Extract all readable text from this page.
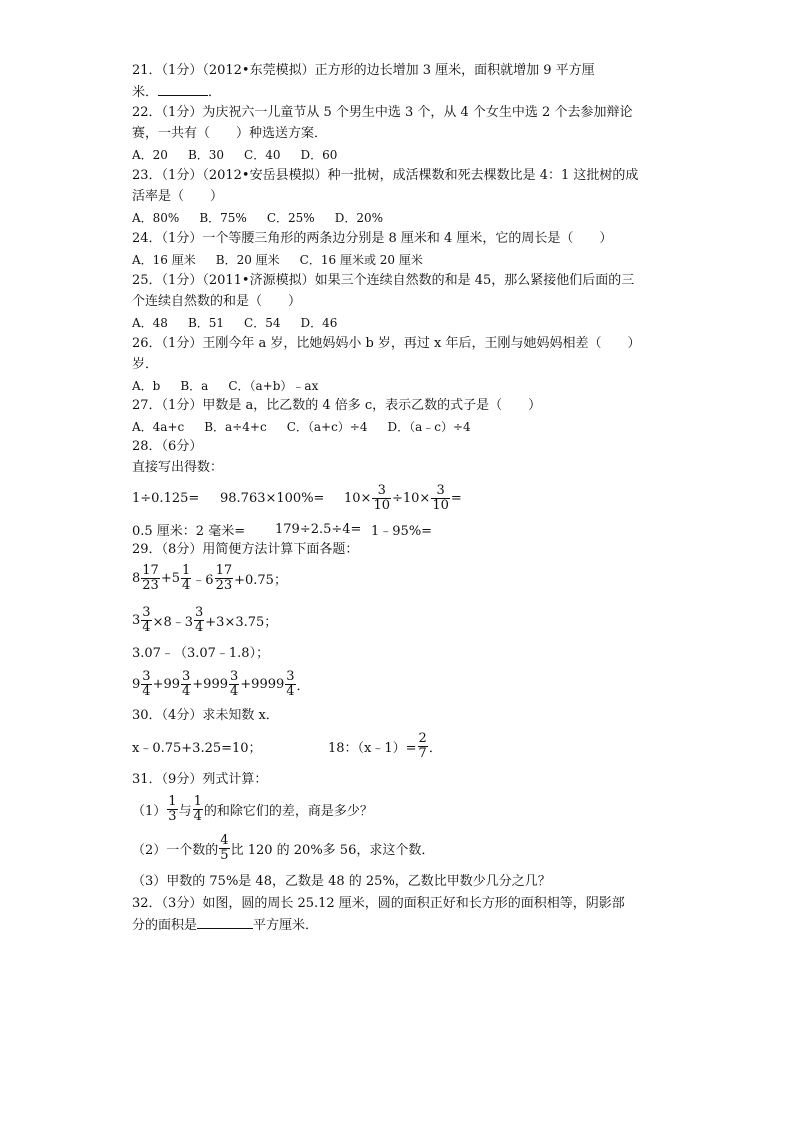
21．（1分）（2012•东莞模拟）正方形的边长增加 3 厘米，面积就增加 9 平方厘
米．	．
22．（1分）为庆祝六一儿童节从 5 个男生中选 3 个，从 4 个女生中选 2 个去参加辩论
赛，一共有（　　）种选送方案．
A．20 B．30 C．40 D．60
23．（1分）（2012•安岳县模拟）种一批树，成活棵数和死去棵数比是 4：1 这批树的成
活率是（　　）
A．80% B．75% C．25% D．20%
24．（1分）一个等腰三角形的两条边分别是 8 厘米和 4 厘米，它的周长是（　　）
A．16 厘米 B．20 厘米 C．16 厘米或 20 厘米
25．（1分）（2011•济源模拟）如果三个连续自然数的和是 45，那么紧接他们后面的三
个连续自然数的和是（　　）
A．48 B．51 C．54 D．46
26．（1分）王刚今年 a 岁，比她妈妈小 b 岁，再过 x 年后，王刚与她妈妈相差（　　）
岁．
A．b B．a C．（a+b）﹣ax
27．（1分）甲数是 a，比乙数的 4 倍多 c，表示乙数的式子是（　　）
A．4a+c B．a÷4+c C．（a+c）÷4 D．（a﹣c）÷4
28．（6分）
直接写出得数：
1÷0.125=	98.763×100%=	$10\times \frac{3}{10} \div 10\times \frac{3}{10}$ =
0.5 厘米：2 毫米=	179÷2.5÷4= 1﹣95%=
29．（8分）用简便方法计算下面各题：
$8 \frac{17}{23} +5 \frac{1}{4}$ ﹣6 $\frac{17}{23} +0.75$；
$3 \frac{3}{4}$ ×8﹣3 $\frac{3}{4} +3\times 3.75$；
3.07﹣（3.07﹣1.8）；
$9 \frac{3}{4} +99 \frac{3}{4} +999 \frac{3}{4} +9999 \frac{3}{4}$ ．
30．（4分）求未知数 x．
x﹣0.75+3.25=10；	18：（x﹣1）= $\frac{2}{7}$ ．
31．（9分）列式计算：
$(1) \frac{1}{3}$ 与 $\frac{1}{4}$ 的和除它们的差，商是多少？
（2）一个数的 $\frac{4}{5}$ 比 120 的 20%多 56，求这个数．
（3）甲数的 75%是 48，乙数是 48 的 25%，乙数比甲数少几分之几？
32．（3分）如图，圆的周长 25.12 厘米，圆的面积正好和长方形的面积相等，阴影部
分的面积是	平方厘米．
